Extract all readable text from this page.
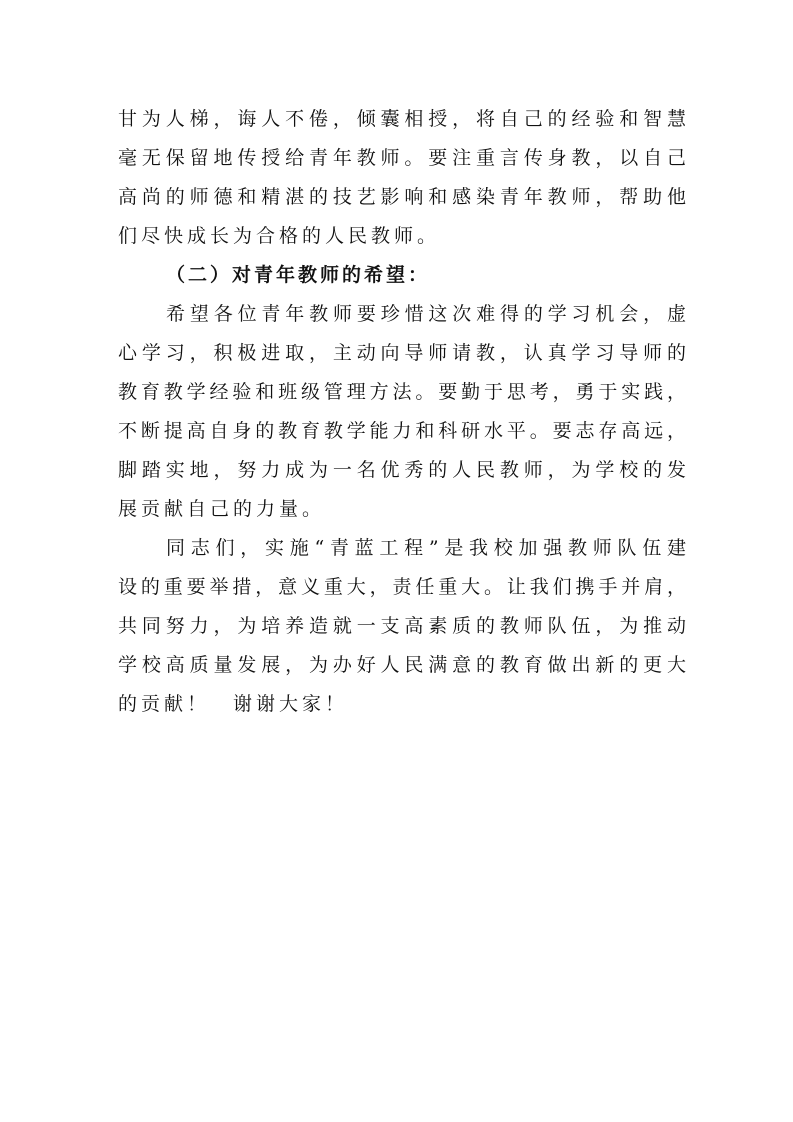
甘为人梯，诲人不倦，倾囊相授，将自己的经验和智慧
毫无保留地传授给青年教师。要注重言传身教，以自己
高尚的师德和精湛的技艺影响和感染青年教师，帮助他
们尽快成长为合格的人民教师。
（二）对青年教师的希望：
希望各位青年教师要珍惜这次难得的学习机会，虚
心学习，积极进取，主动向导师请教，认真学习导师的
教育教学经验和班级管理方法。要勤于思考，勇于实践，
不断提高自身的教育教学能力和科研水平。要志存高远，
脚踏实地，努力成为一名优秀的人民教师，为学校的发
展贡献自己的力量。
同志们，实施“青蓝工程”是我校加强教师队伍建
设的重要举措，意义重大，责任重大。让我们携手并肩，
共同努力，为培养造就一支高素质的教师队伍，为推动
学校高质量发展，为办好人民满意的教育做出新的更大
的贡献！　谢谢大家！
